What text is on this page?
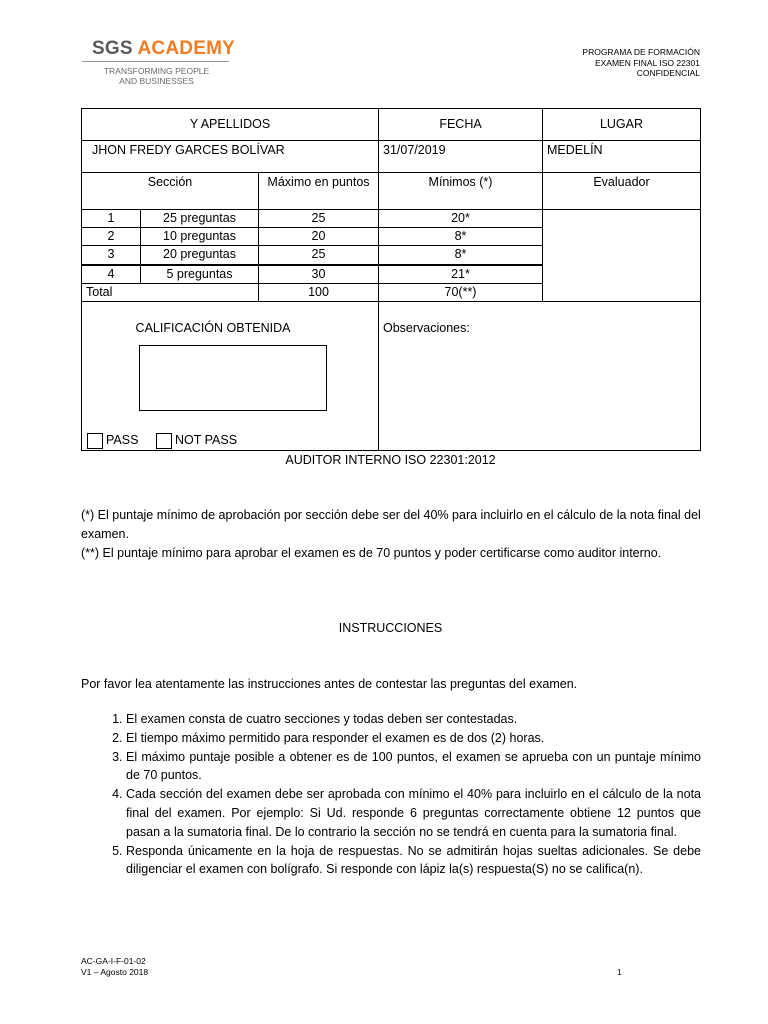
SGS ACADEMY
TRANSFORMING PEOPLE
AND BUSINESSES
PROGRAMA DE FORMACIÓN
EXAMEN FINAL ISO 22301
CONFIDENCIAL
Y APELLIDOS			FECHA	LUGAR
JHON FREDY GARCES BOLÍVAR			31/07/2019	MEDELÍN
Sección		Máximo en puntos	Mínimos (*)	Evaluador
1	25 preguntas	25	20*	
2	10 preguntas	20	8*	
3	20 preguntas	25	8*	
4	5 preguntas	30	21*	
Total		100	70(**)	
CALIFICACIÓN OBTENIDA			Observaciones:	
PASS	NOT PASS
AUDITOR INTERNO ISO 22301:2012
(*) El puntaje mínimo de aprobación por sección debe ser del 40% para incluirlo en el cálculo de la nota final del examen.
(**) El puntaje mínimo para aprobar el examen es de 70 puntos y poder certificarse como auditor interno.
INSTRUCCIONES
Por favor lea atentamente las instrucciones antes de contestar las preguntas del examen.
1. El examen consta de cuatro secciones y todas deben ser contestadas.
2. El tiempo máximo permitido para responder el examen es de dos (2) horas.
3. El máximo puntaje posible a obtener es de 100 puntos, el examen se aprueba con un puntaje mínimo de 70 puntos.
4. Cada sección del examen debe ser aprobada con mínimo el 40% para incluirlo en el cálculo de la nota final del examen. Por ejemplo: Si Ud. responde 6 preguntas correctamente obtiene 12 puntos que pasan a la sumatoria final. De lo contrario la sección no se tendrá en cuenta para la sumatoria final.
5. Responda únicamente en la hoja de respuestas. No se admitirán hojas sueltas adicionales. Se debe diligenciar el examen con bolígrafo. Si responde con lápiz la(s) respuesta(S) no se califica(n).
AC-GA-I-F-01-02
V1 – Agosto 2018	1
